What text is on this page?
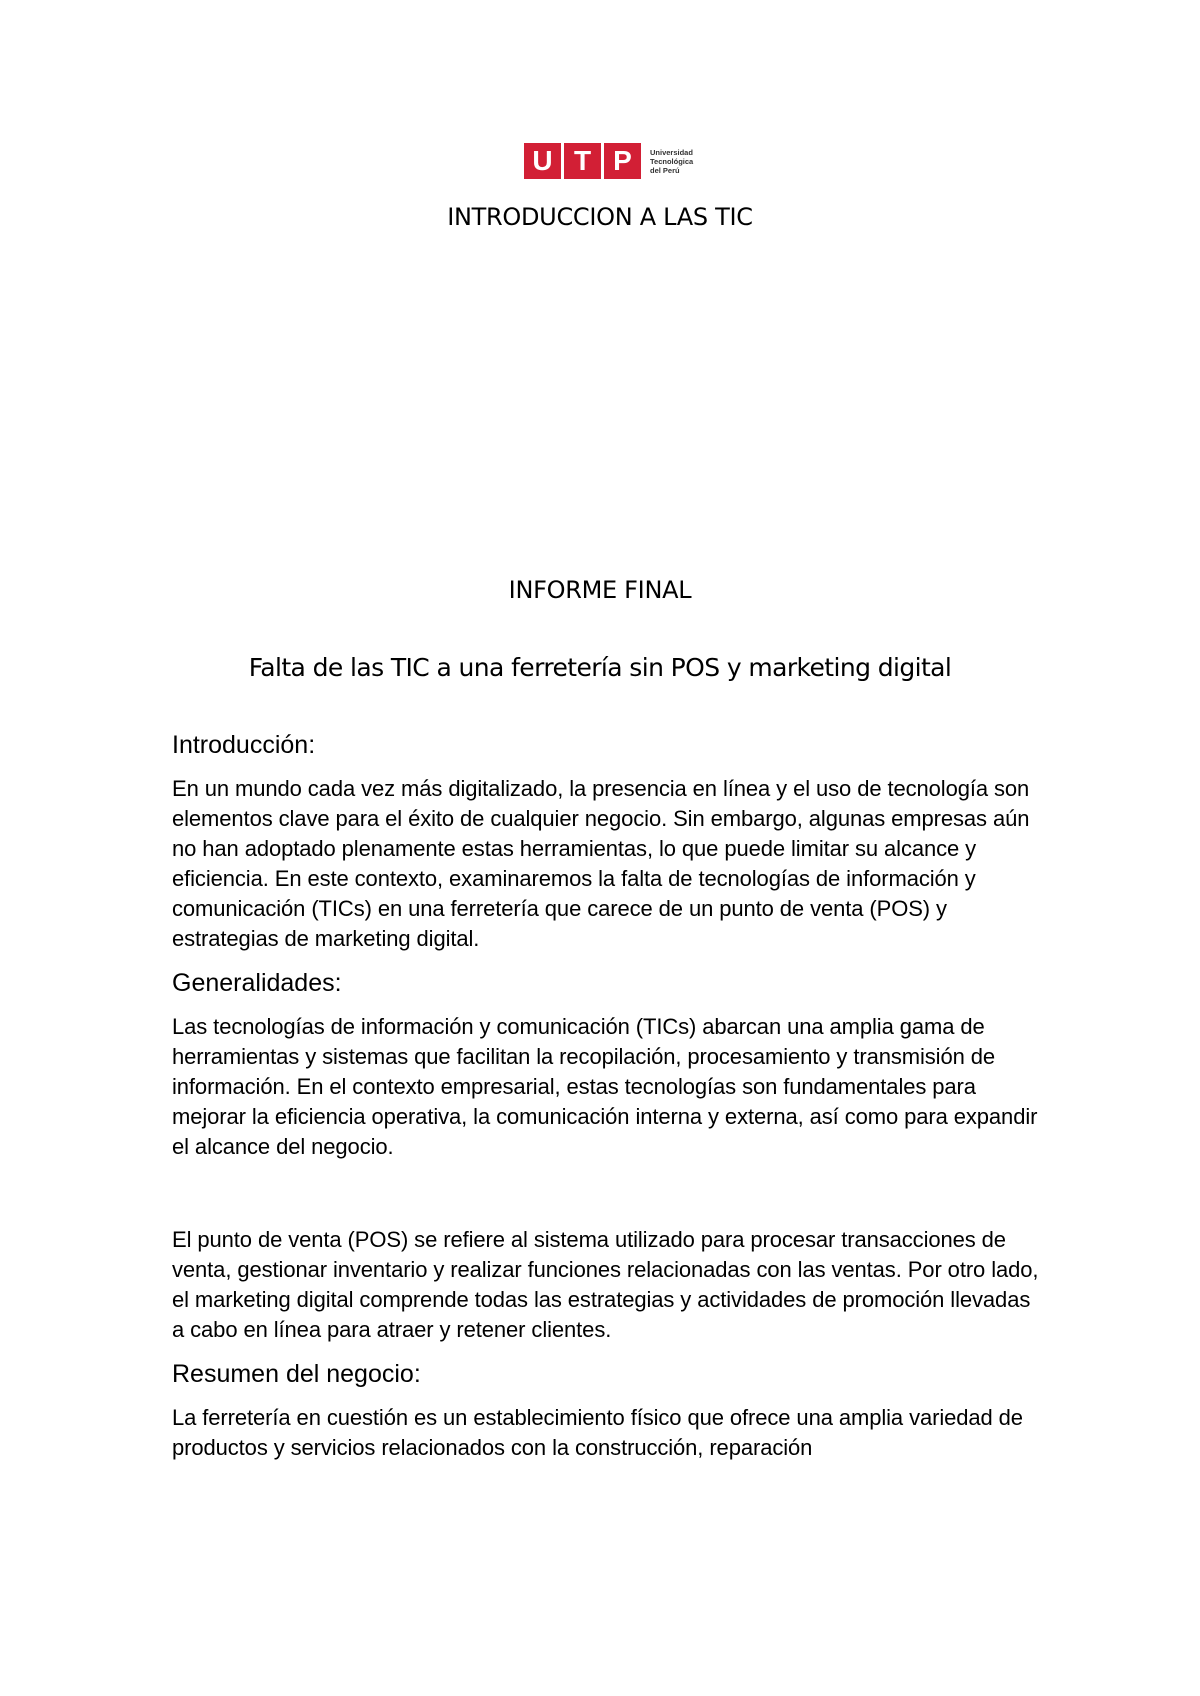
U T P	Universidad
Tecnológica
del Perú
INTRODUCCION A LAS TIC
INFORME FINAL
Falta de las TIC a una ferretería sin POS y marketing digital
Introducción:

En un mundo cada vez más digitalizado, la presencia en línea y el uso de tecnología son elementos clave para el éxito de cualquier negocio. Sin embargo, algunas empresas aún no han adoptado plenamente estas herramientas, lo que puede limitar su alcance y eficiencia. En este contexto, examinaremos la falta de tecnologías de información y comunicación (TICs) en una ferretería que carece de un punto de venta (POS) y estrategias de marketing digital.

Generalidades:

Las tecnologías de información y comunicación (TICs) abarcan una amplia gama de herramientas y sistemas que facilitan la recopilación, procesamiento y transmisión de información. En el contexto empresarial, estas tecnologías son fundamentales para mejorar la eficiencia operativa, la comunicación interna y externa, así como para expandir el alcance del negocio.

El punto de venta (POS) se refiere al sistema utilizado para procesar transacciones de venta, gestionar inventario y realizar funciones relacionadas con las ventas. Por otro lado, el marketing digital comprende todas las estrategias y actividades de promoción llevadas a cabo en línea para atraer y retener clientes.

Resumen del negocio:

La ferretería en cuestión es un establecimiento físico que ofrece una amplia variedad de productos y servicios relacionados con la construcción, reparación
